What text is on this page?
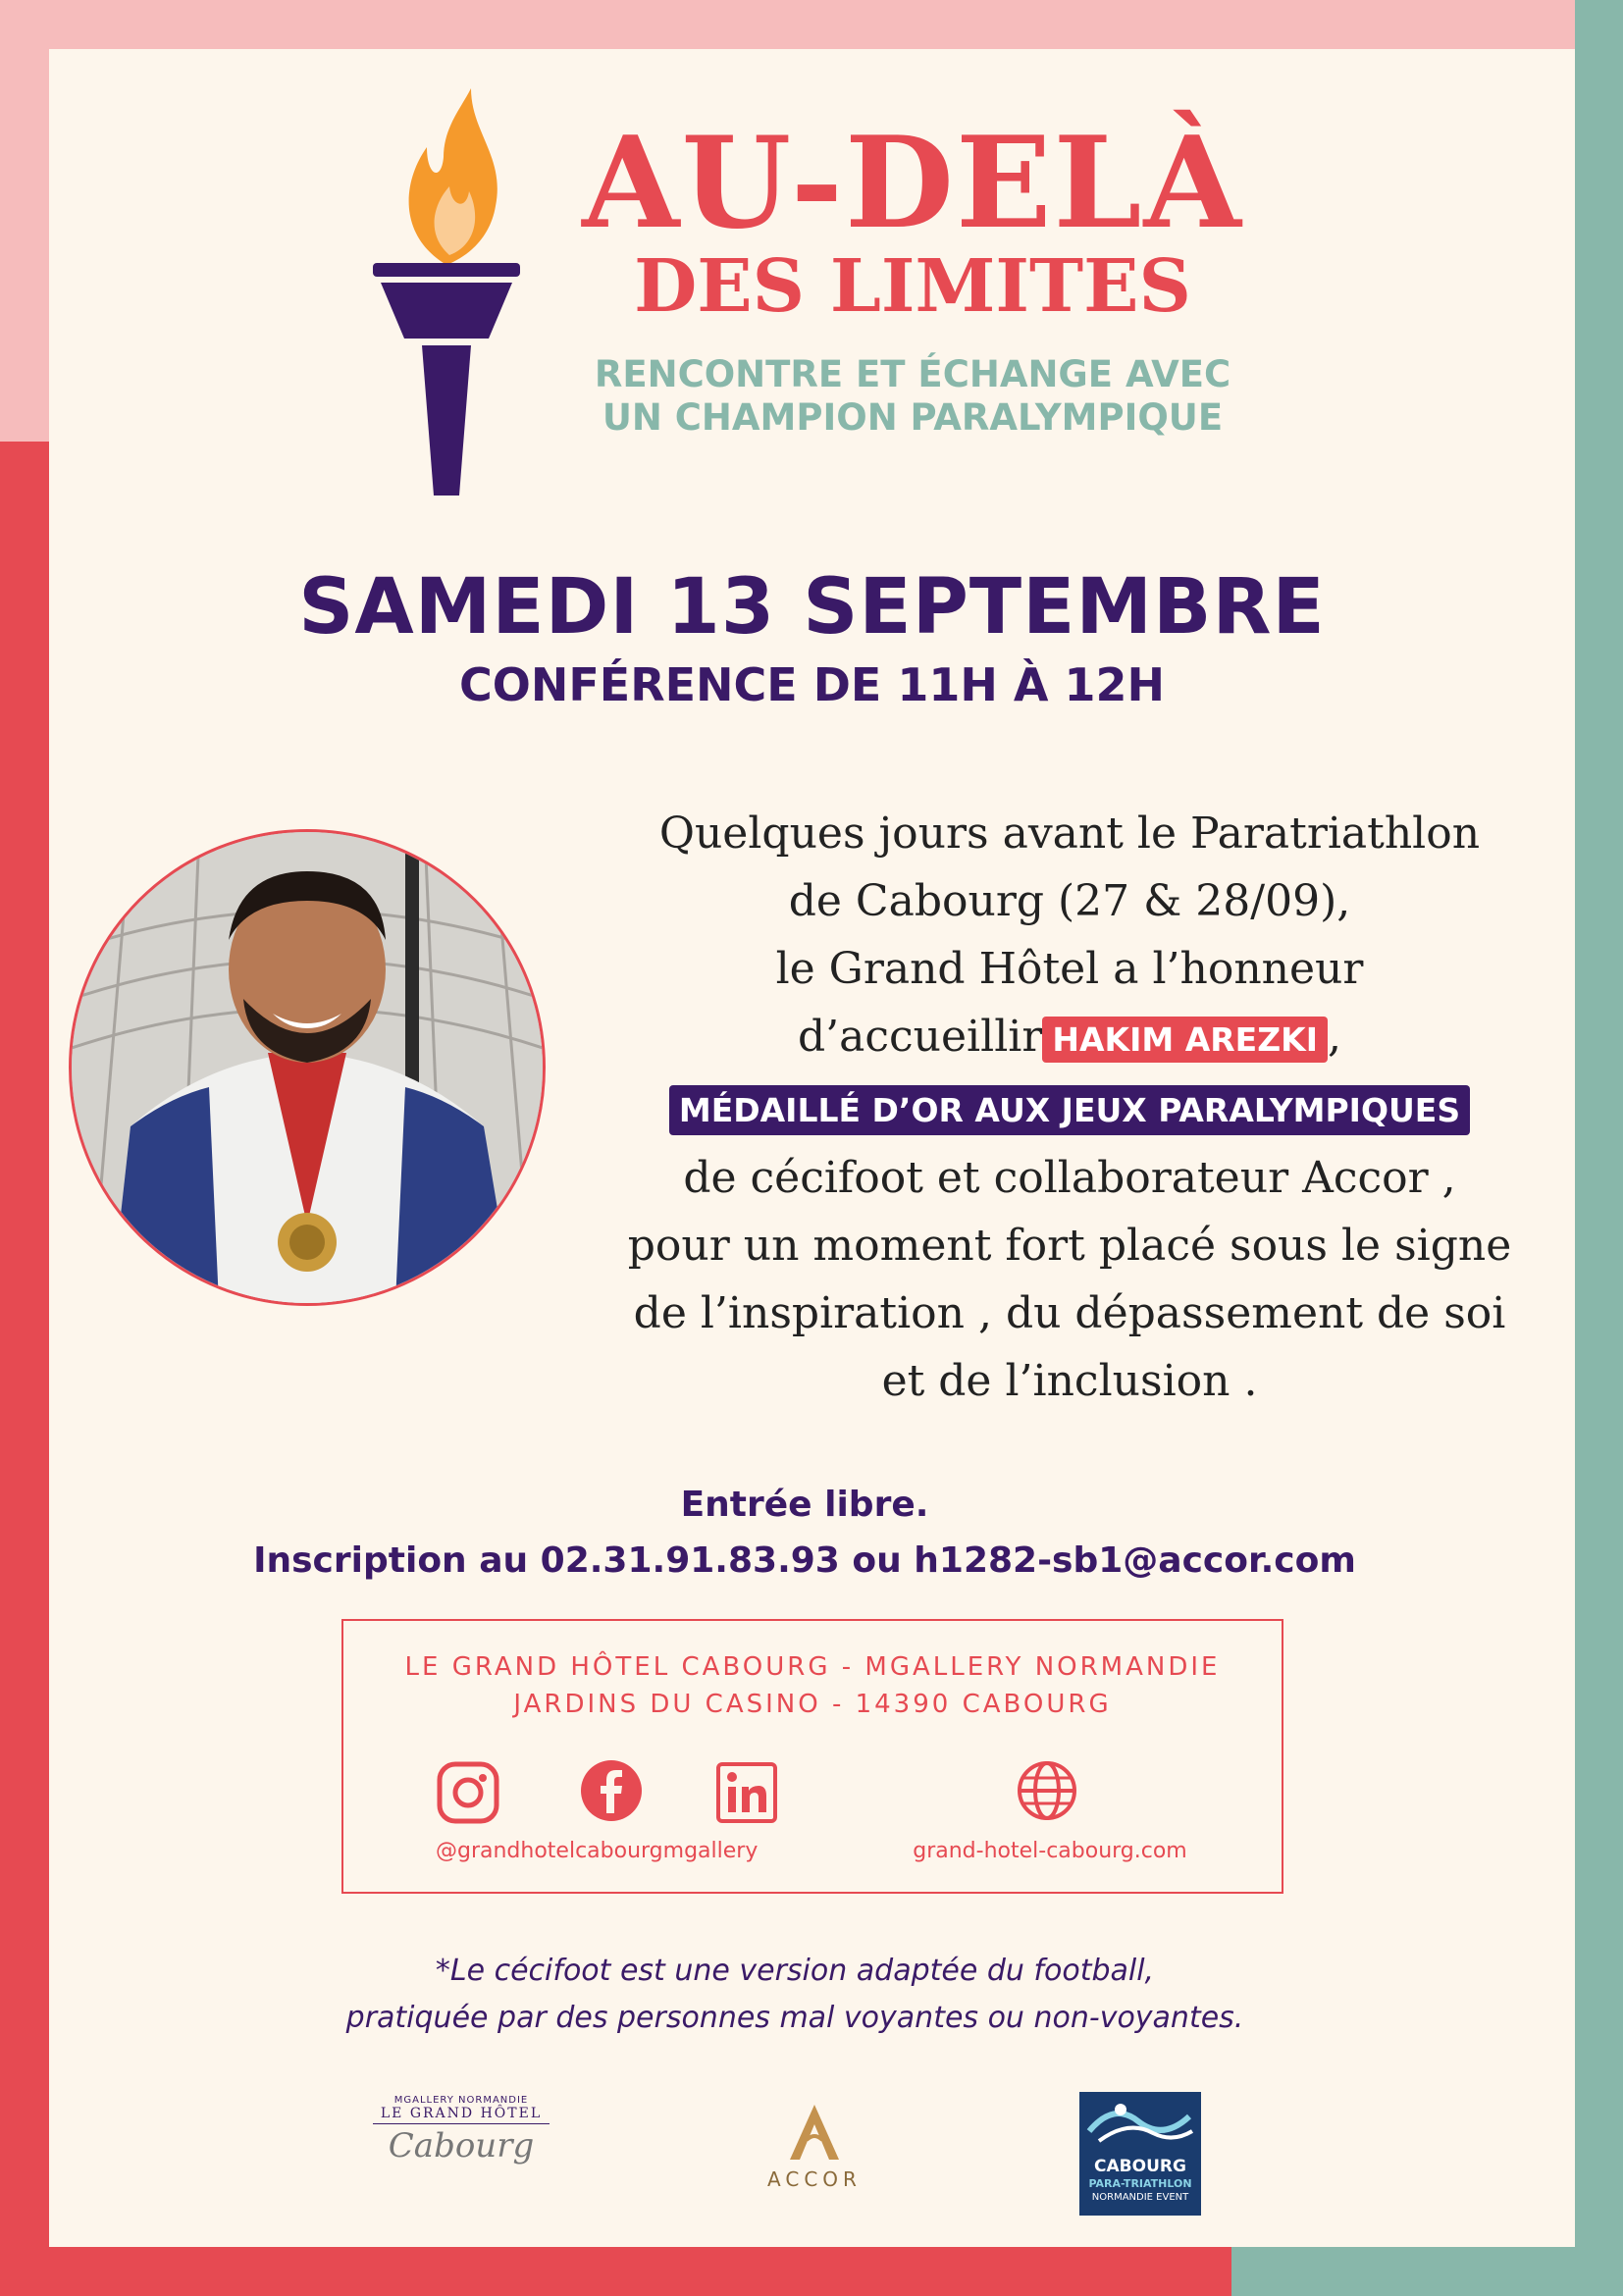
AU-DELÀ
DES LIMITES
RENCONTRE ET ÉCHANGE AVEC
UN CHAMPION PARALYMPIQUE
SAMEDI 13 SEPTEMBRE
CONFÉRENCE DE 11H À 12H
Quelques jours avant le Paratriathlon
de Cabourg (27 & 28/09),
le Grand Hôtel a l’honneur
d’accueillir HAKIM AREZKI ,
MÉDAILLÉ D’OR AUX JEUX PARALYMPIQUES
de cécifoot et collaborateur Accor ,
pour un moment fort placé sous le signe
de l’inspiration , du dépassement de soi
et de l’inclusion .
Entrée libre.
Inscription au 02.31.91.83.93 ou h1282-sb1@accor.com
LE GRAND HÔTEL CABOURG - MGALLERY NORMANDIE
JARDINS DU CASINO - 14390 CABOURG
@grandhotelcabourgmgallery	grand-hotel-cabourg.com
*Le cécifoot est une version adaptée du football,
pratiquée par des personnes mal voyantes ou non-voyantes.
MGALLERY NORMANDIE
LE GRAND HÔTEL
Cabourg
ACCOR
CABOURG
PARA-TRIATHLON
NORMANDIE EVENT
